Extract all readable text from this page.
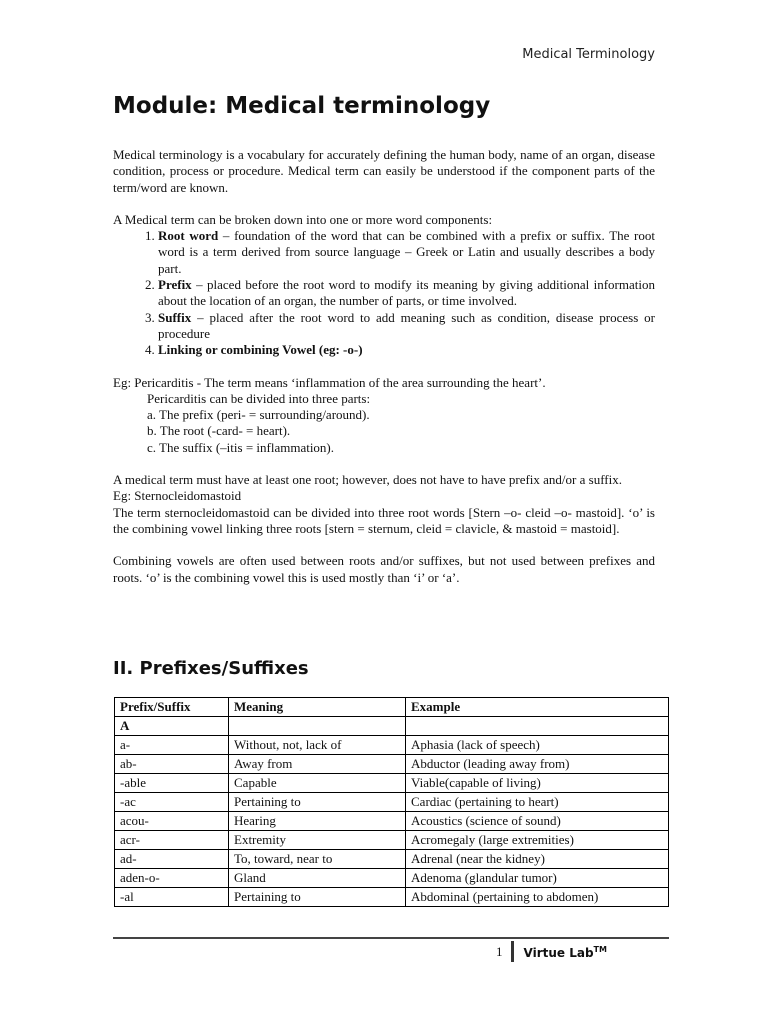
Medical Terminology
Module: Medical terminology

Medical terminology is a vocabulary for accurately defining the human body, name of an organ, disease condition, process or procedure. Medical term can easily be understood if the component parts of the term/word are known.

A Medical term can be broken down into one or more word components:

1. Root word – foundation of the word that can be combined with a prefix or suffix. The root word is a term derived from source language – Greek or Latin and usually describes a body part.
2. Prefix – placed before the root word to modify its meaning by giving additional information about the location of an organ, the number of parts, or time involved.
3. Suffix – placed after the root word to add meaning such as condition, disease process or procedure
4. Linking or combining Vowel (eg: -o-)

Eg: Pericarditis - The term means ‘inflammation of the area surrounding the heart’.

Pericarditis can be divided into three parts:

a. The prefix (peri- = surrounding/around).

b. The root (-card- = heart).

c. The suffix (–itis = inflammation).

A medical term must have at least one root; however, does not have to have prefix and/or a suffix.

Eg: Sternocleidomastoid

The term sternocleidomastoid can be divided into three root words [Stern –o- cleid –o- mastoid]. ‘o’ is the combining vowel linking three roots [stern = sternum, cleid = clavicle, & mastoid = mastoid].

Combining vowels are often used between roots and/or suffixes, but not used between prefixes and roots. ‘o’ is the combining vowel this is used mostly than ‘i’ or ‘a’.

II. Prefixes/Suffixes
Prefix/Suffix	Meaning	Example
A		
a-	Without, not, lack of	Aphasia (lack of speech)
ab-	Away from	Abductor (leading away from)
-able	Capable	Viable(capable of living)
-ac	Pertaining to	Cardiac (pertaining to heart)
acou-	Hearing	Acoustics (science of sound)
acr-	Extremity	Acromegaly (large extremities)
ad-	To, toward, near to	Adrenal (near the kidney)
aden-o-	Gland	Adenoma (glandular tumor)
-al	Pertaining to	Abdominal (pertaining to abdomen)
1 Virtue Lab™
